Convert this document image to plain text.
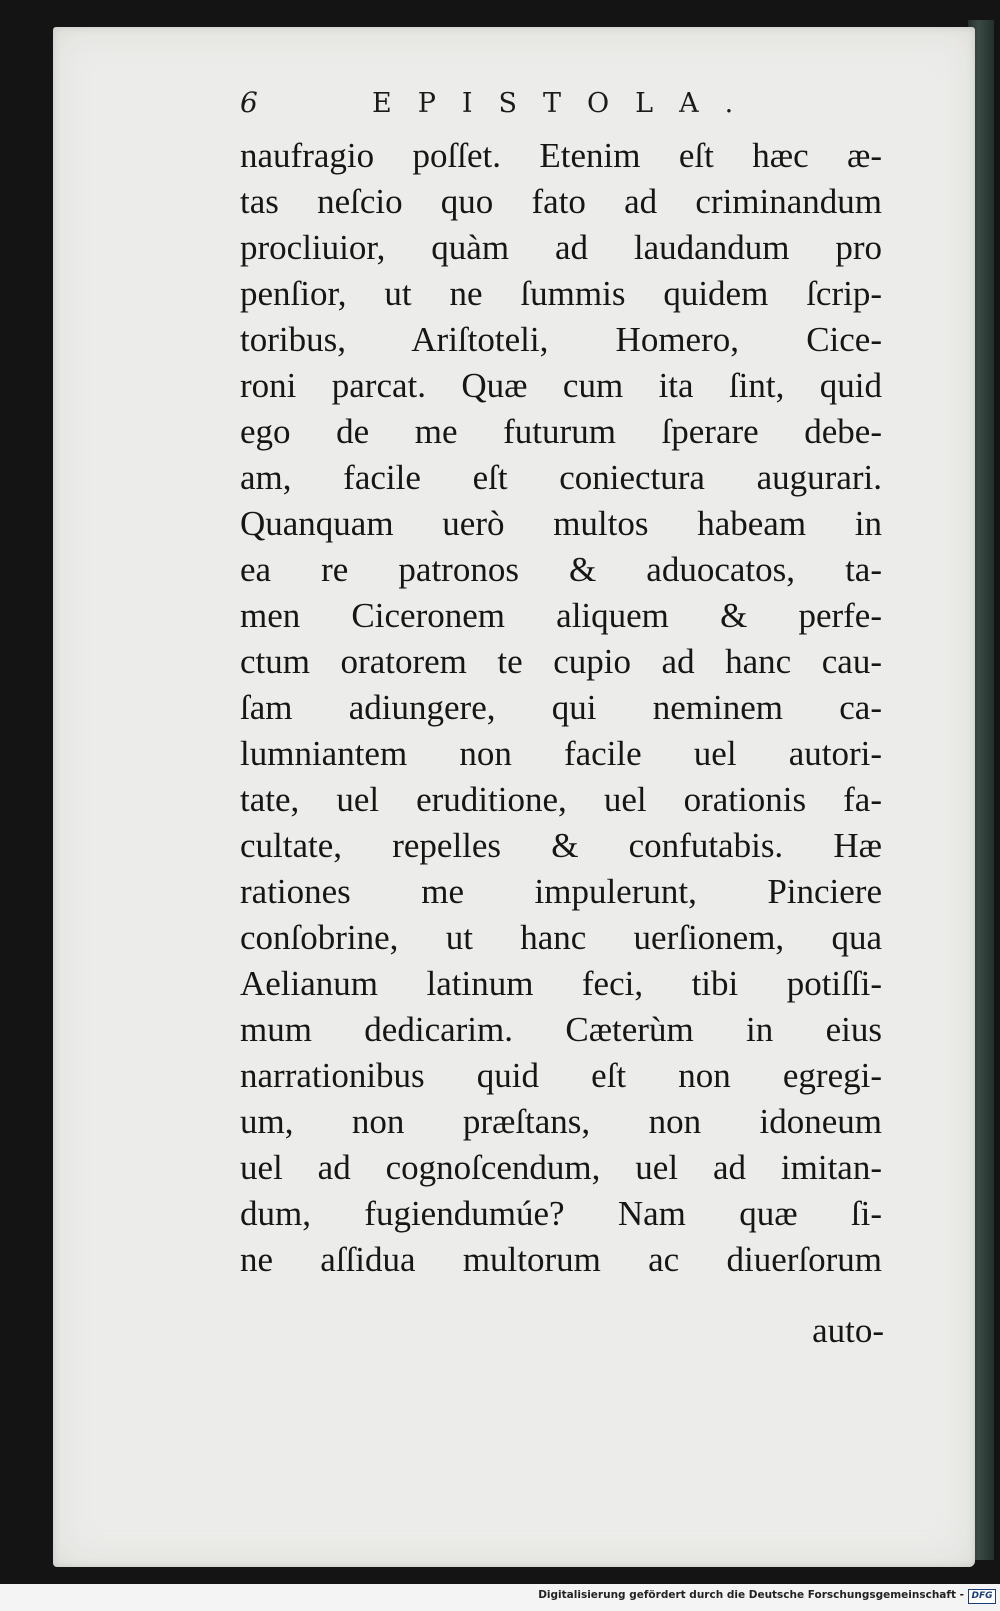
6	EPISTOLA.
naufragio poſſet. Etenim eſt hæc æ-
tas neſcio quo fato ad criminandum
procliuior, quàm ad laudandum pro
penſior, ut ne ſummis quidem ſcrip-
toribus, Ariſtoteli, Homero, Cice-
roni parcat. Quæ cum ita ſint, quid
ego de me futurum ſperare debe-
am, facile eſt coniectura augurari.
Quanquam uerò multos habeam in
ea re patronos & aduocatos, ta-
men Ciceronem aliquem & perfe-
ctum oratorem te cupio ad hanc cau-
ſam adiungere, qui neminem ca-
lumniantem non facile uel autori-
tate, uel eruditione, uel orationis fa-
cultate, repelles & confutabis. Hæ
rationes me impulerunt, Pinciere
conſobrine, ut hanc uerſionem, qua
Aelianum latinum feci, tibi potiſſi-
mum dedicarim. Cæterùm in eius
narrationibus quid eſt non egregi-
um, non præſtans, non idoneum
uel ad cognoſcendum, uel ad imitan-
dum, fugiendumúe? Nam quæ ſi-
ne aſſidua multorum ac diuerſorum
auto-
Digitalisierung gefördert durch die Deutsche Forschungsgemeinschaft - DFG
